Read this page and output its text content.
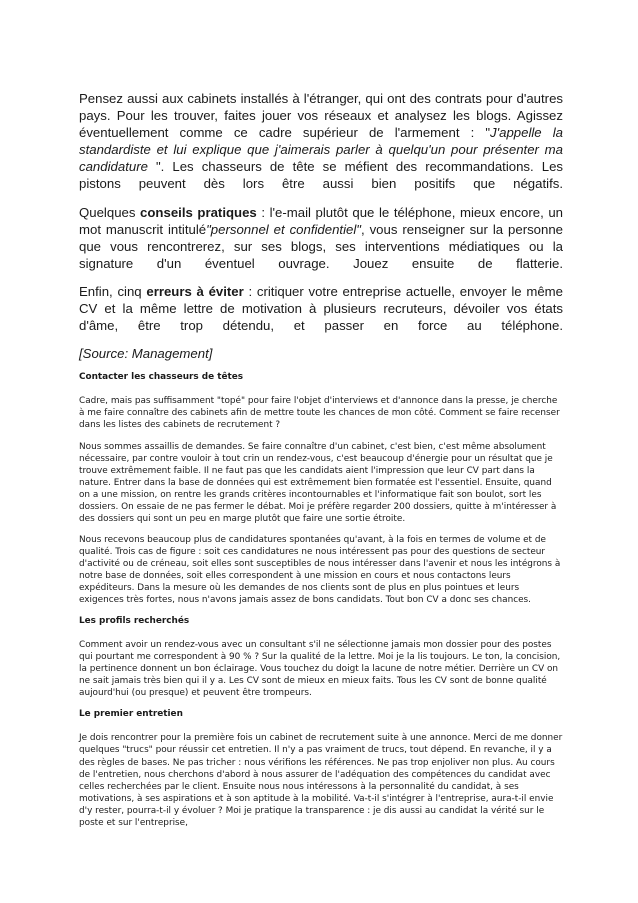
Pensez aussi aux cabinets installés à l'étranger, qui ont des contrats pour d'autres pays. Pour les trouver, faites jouer vos réseaux et analysez les blogs. Agissez éventuellement comme ce cadre supérieur de l'armement : "J'appelle la standardiste et lui explique que j'aimerais parler à quelqu'un pour présenter ma candidature ". Les chasseurs de tête se méfient des recommandations. Les pistons peuvent dès lors être aussi bien positifs que négatifs.

Quelques conseils pratiques : l'e-mail plutôt que le téléphone, mieux encore, un mot manuscrit intitulé"personnel et confidentiel", vous renseigner sur la personne que vous rencontrerez, sur ses blogs, ses interventions médiatiques ou la signature d'un éventuel ouvrage. Jouez ensuite de flatterie.

Enfin, cinq erreurs à éviter : critiquer votre entreprise actuelle, envoyer le même CV et la même lettre de motivation à plusieurs recruteurs, dévoiler vos états d'âme, être trop détendu, et passer en force au téléphone.

[Source: Management]

Contacter les chasseurs de têtes

Cadre, mais pas suffisamment "topé" pour faire l'objet d'interviews et d'annonce dans la presse, je cherche à me faire connaître des cabinets afin de mettre toute les chances de mon côté. Comment se faire recenser dans les listes des cabinets de recrutement ?

Nous sommes assaillis de demandes. Se faire connaître d'un cabinet, c'est bien, c'est même absolument nécessaire, par contre vouloir à tout crin un rendez-vous, c'est beaucoup d'énergie pour un résultat que je trouve extrêmement faible. Il ne faut pas que les candidats aient l'impression que leur CV part dans la nature. Entrer dans la base de données qui est extrêmement bien formatée est l'essentiel. Ensuite, quand on a une mission, on rentre les grands critères incontournables et l'informatique fait son boulot, sort les dossiers. On essaie de ne pas fermer le débat. Moi je préfère regarder 200 dossiers, quitte à m'intéresser à des dossiers qui sont un peu en marge plutôt que faire une sortie étroite.

Nous recevons beaucoup plus de candidatures spontanées qu'avant, à la fois en termes de volume et de qualité. Trois cas de figure : soit ces candidatures ne nous intéressent pas pour des questions de secteur d'activité ou de créneau, soit elles sont susceptibles de nous intéresser dans l'avenir et nous les intégrons à notre base de données, soit elles correspondent à une mission en cours et nous contactons leurs expéditeurs. Dans la mesure où les demandes de nos clients sont de plus en plus pointues et leurs exigences très fortes, nous n'avons jamais assez de bons candidats. Tout bon CV a donc ses chances.

Les profils recherchés

Comment avoir un rendez-vous avec un consultant s'il ne sélectionne jamais mon dossier pour des postes qui pourtant me correspondent à 90 % ? Sur la qualité de la lettre. Moi je la lis toujours. Le ton, la concision, la pertinence donnent un bon éclairage. Vous touchez du doigt la lacune de notre métier. Derrière un CV on ne sait jamais très bien qui il y a. Les CV sont de mieux en mieux faits. Tous les CV sont de bonne qualité aujourd'hui (ou presque) et peuvent être trompeurs.

Le premier entretien

Je dois rencontrer pour la première fois un cabinet de recrutement suite à une annonce. Merci de me donner quelques "trucs" pour réussir cet entretien. Il n'y a pas vraiment de trucs, tout dépend. En revanche, il y a des règles de bases. Ne pas tricher : nous vérifions les références. Ne pas trop enjoliver non plus. Au cours de l'entretien, nous cherchons d'abord à nous assurer de l'adéquation des compétences du candidat avec celles recherchées par le client. Ensuite nous nous intéressons à la personnalité du candidat, à ses motivations, à ses aspirations et à son aptitude à la mobilité. Va-t-il s'intégrer à l'entreprise, aura-t-il envie d'y rester, pourra-t-il y évoluer ? Moi je pratique la transparence : je dis aussi au candidat la vérité sur le poste et sur l'entreprise,
